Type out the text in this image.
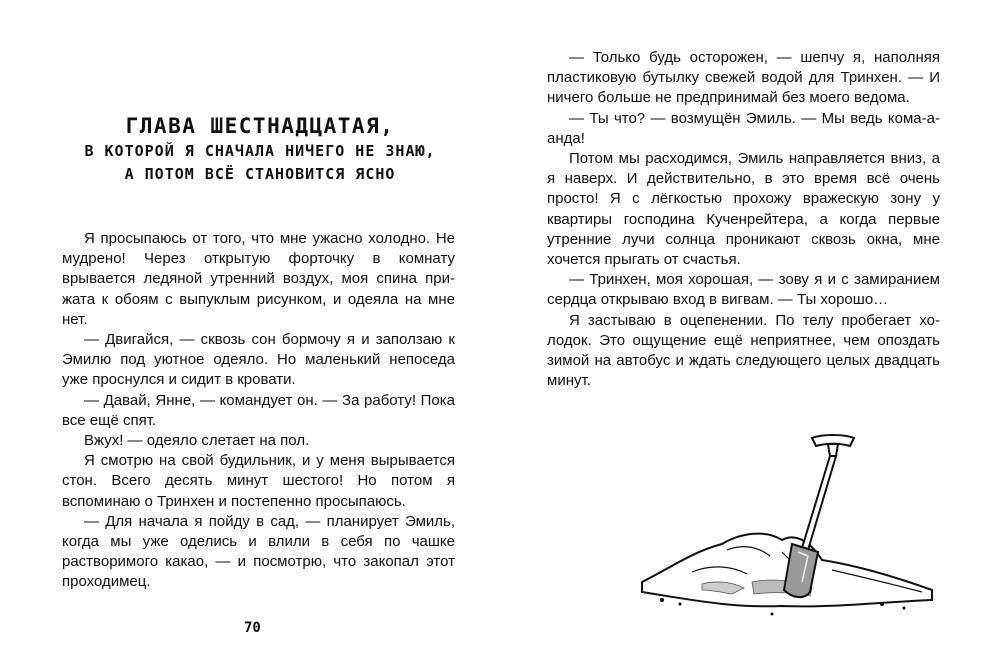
ГЛАВА ШЕСТНАДЦАТАЯ,
В КОТОРОЙ Я СНАЧАЛА НИЧЕГО НЕ ЗНАЮ,
А ПОТОМ ВСЁ СТАНОВИТСЯ ЯСНО

Я просыпаюсь от того, что мне ужасно холодно. Не мудрено! Через открытую форточку в комнату врывается ледяной утренний воздух, моя спина прижата к обоям с выпуклым рисунком, и одеяла на мне нет.

— Двигайся, — сквозь сон бормочу я и заползаю к Эмилю под уютное одеяло. Но маленький непоседа уже проснулся и сидит в кровати.

— Давай, Янне, — командует он. — За работу! Пока все ещё спят.

Вжух! — одеяло слетает на пол.

Я смотрю на свой будильник, и у меня вырывается стон. Всего десять минут шестого! Но потом я вспоминаю о Тринхен и постепенно просыпаюсь.

— Для начала я пойду в сад, — планирует Эмиль, когда мы уже оделись и влили в себя по чашке растворимого какао, — и посмотрю, что закопал этот проходимец.

70

— Только будь осторожен, — шепчу я, наполняя пластиковую бутылку свежей водой для Тринхен. — И ничего больше не предпринимай без моего ведома.

— Ты что? — возмущён Эмиль. — Мы ведь кома-а-анда!

Потом мы расходимся, Эмиль направляется вниз, а я наверх. И действительно, в это время всё очень просто! Я с лёгкостью прохожу вражескую зону у квартиры господина Кученрейтера, а когда первые утренние лучи солнца проникают сквозь окна, мне хочется прыгать от счастья.

— Тринхен, моя хорошая, — зову я и с замиранием сердца открываю вход в вигвам. — Ты хорошо…

Я застываю в оцепенении. По телу пробегает холодок. Это ощущение ещё неприятнее, чем опоздать зимой на автобус и ждать следующего целых двадцать минут.
